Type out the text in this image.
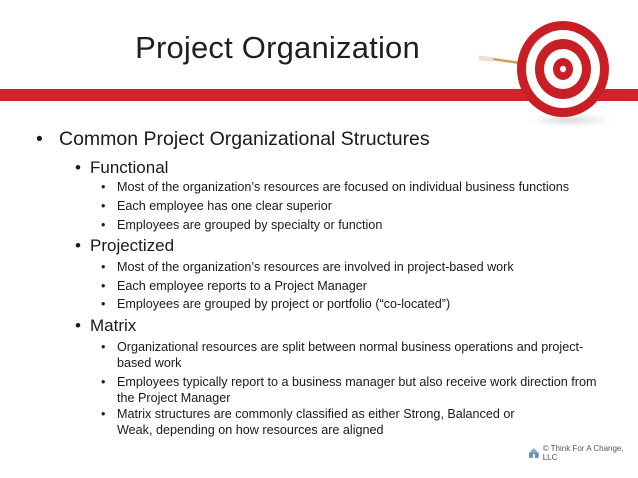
Project Organization
• Common Project Organizational Structures
• Functional
• Most of the organization’s resources are focused on individual business functions
• Each employee has one clear superior
• Employees are grouped by specialty or function
• Projectized
• Most of the organization’s resources are involved in project-based work
• Each employee reports to a Project Manager
• Employees are grouped by project or portfolio (“co-located”)
• Matrix
• Organizational resources are split between normal business operations and project-based work
• Employees typically report to a business manager but also receive work direction from the Project Manager
• Matrix structures are commonly classified as either Strong, Balanced or Weak, depending on how resources are aligned
© Think For A Change, LLC
